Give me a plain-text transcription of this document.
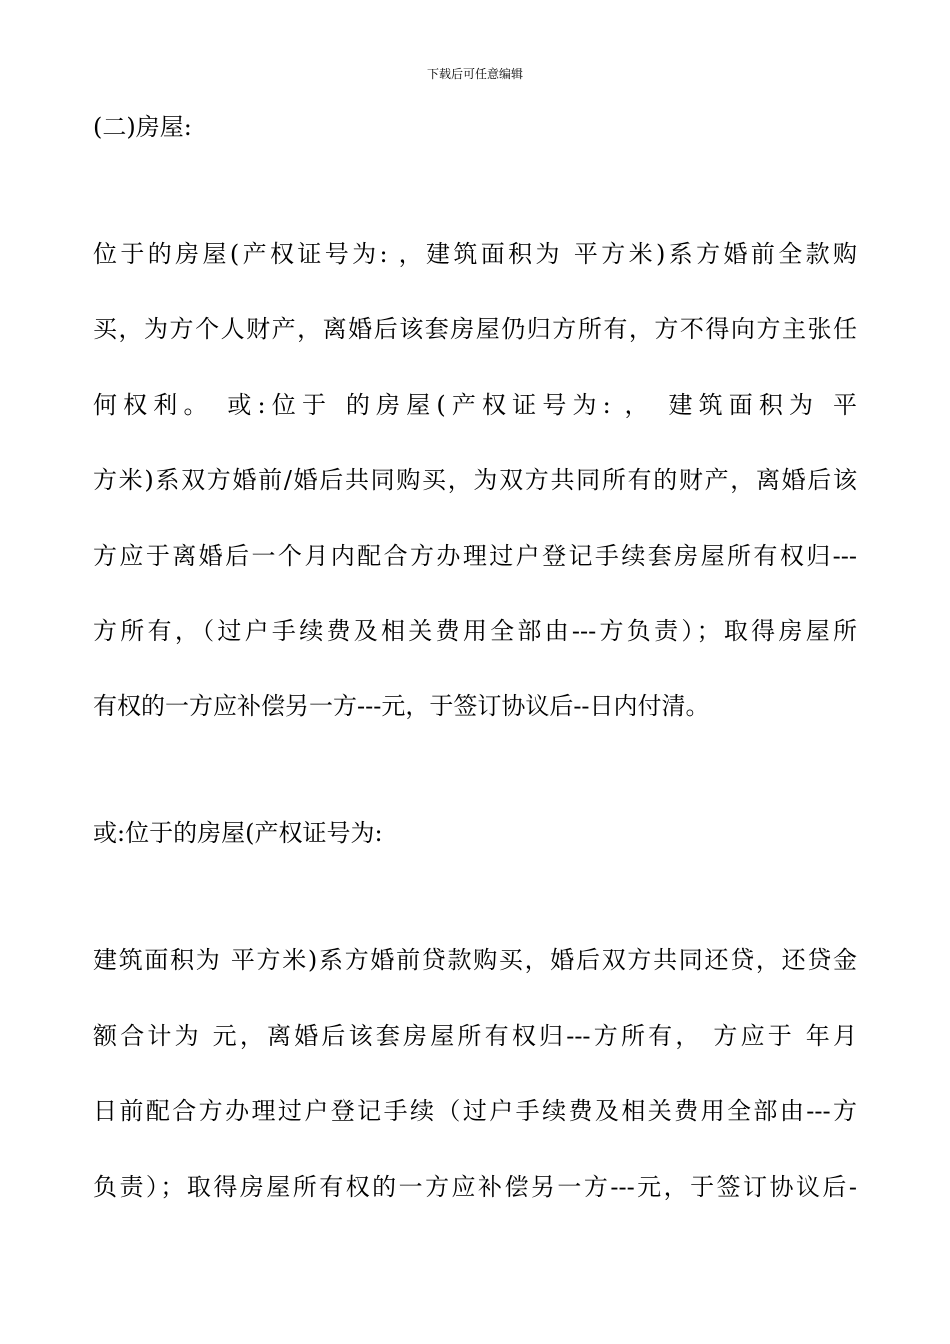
下载后可任意编辑
(二)房屋:
位于的房屋(产权证号为: ，建筑面积为 平方米)系方婚前全款购
买，为方个人财产，离婚后该套房屋仍归方所有，方不得向方主张任
何权利。 或:位于 的房屋(产权证号为: ， 建筑面积为 平
方米)系双方婚前/婚后共同购买，为双方共同所有的财产，离婚后该
方应于离婚后一个月内配合方办理过户登记手续套房屋所有权归---
方所有，（过户手续费及相关费用全部由---方负责）；取得房屋所
有权的一方应补偿另一方---元，于签订协议后--日内付清。
或:位于的房屋(产权证号为:
建筑面积为 平方米)系方婚前贷款购买，婚后双方共同还贷，还贷金
额合计为 元，离婚后该套房屋所有权归---方所有， 方应于 年月
日前配合方办理过户登记手续（过户手续费及相关费用全部由---方
负责）；取得房屋所有权的一方应补偿另一方---元，于签订协议后-
